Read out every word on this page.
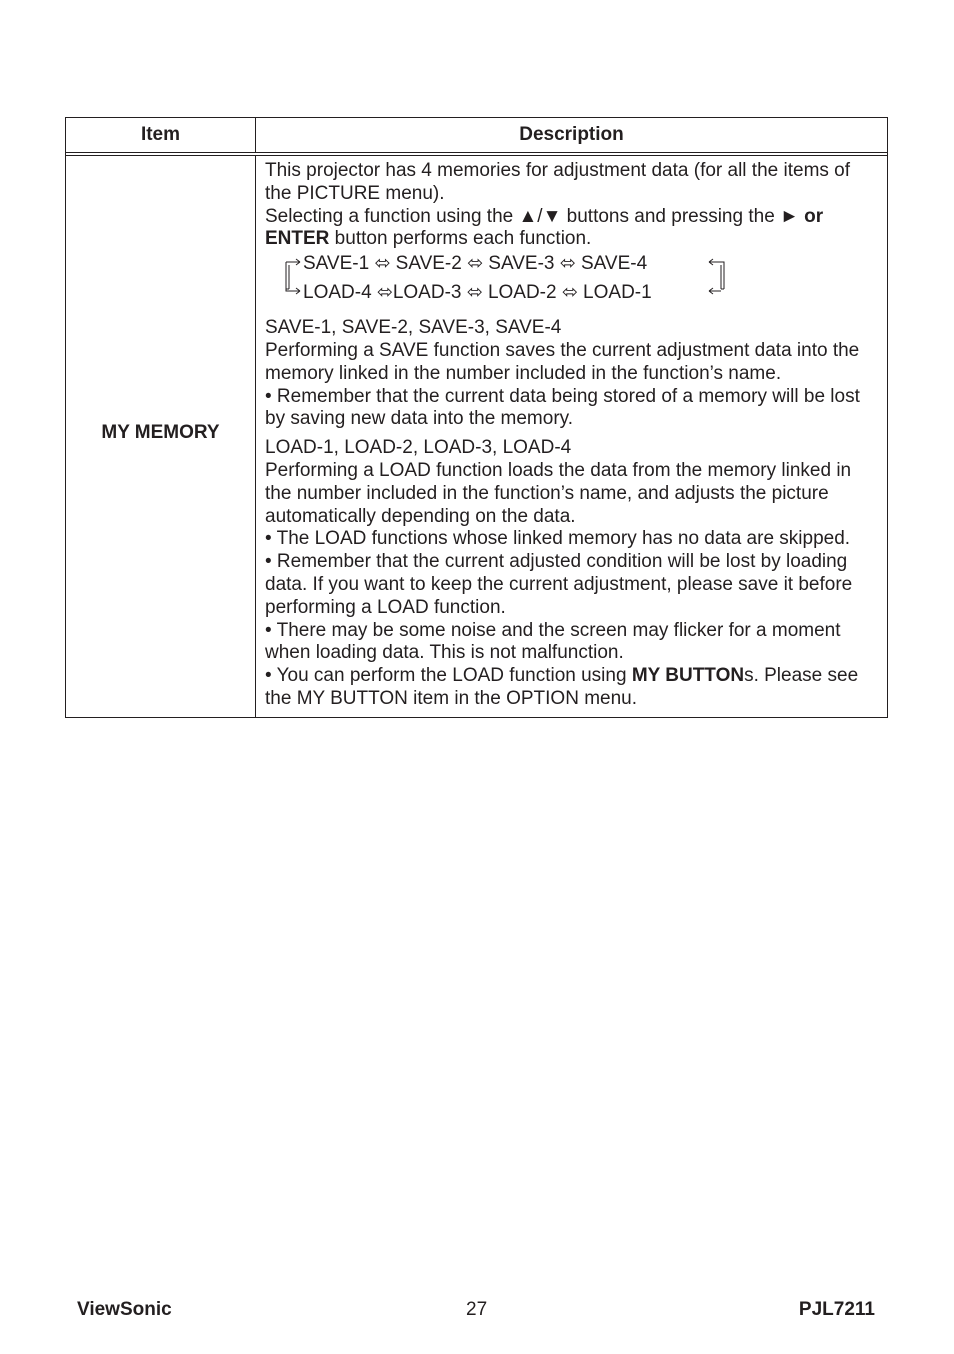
Item	Description
MY MEMORY

This projector has 4 memories for adjustment data (for all the items of the PICTURE menu).

Selecting a function using the ▲/▼ buttons and pressing the ► or
ENTER button performs each function.

SAVE-1 ⬄ SAVE-2 ⬄ SAVE-3 ⬄ SAVE-4
LOAD-4 ⬄LOAD-3 ⬄ LOAD-2 ⬄ LOAD-1

SAVE-1, SAVE-2, SAVE-3, SAVE-4

Performing a SAVE function saves the current adjustment data into the memory linked in the number included in the function’s name.

• Remember that the current data being stored of a memory will be lost by saving new data into the memory.

LOAD-1, LOAD-2, LOAD-3, LOAD-4

Performing a LOAD function loads the data from the memory linked in the number included in the function’s name, and adjusts the picture automatically depending on the data.

• The LOAD functions whose linked memory has no data are skipped.

• Remember that the current adjusted condition will be lost by loading data. If you want to keep the current adjustment, please save it before performing a LOAD function.

• There may be some noise and the screen may flicker for a moment when loading data. This is not malfunction.

• You can perform the LOAD function using MY BUTTONs. Please see the MY BUTTON item in the OPTION menu.

ViewSonic	27	PJL7211
